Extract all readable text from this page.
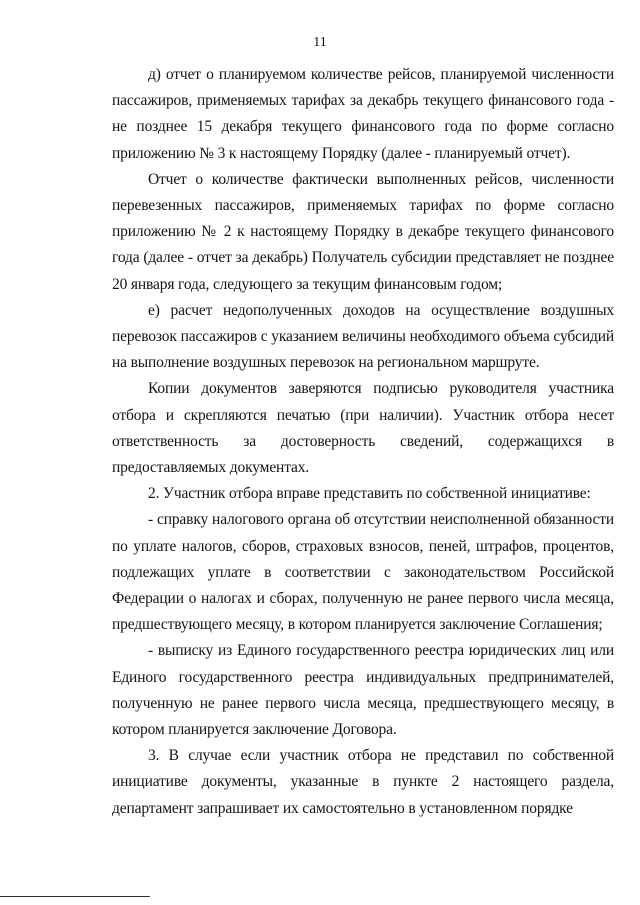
11

д) отчет о планируемом количестве рейсов, планируемой численности пассажиров, применяемых тарифах за декабрь текущего финансового года - не позднее 15 декабря текущего финансового года по форме согласно приложению № 3 к настоящему Порядку (далее - планируемый отчет).

Отчет о количестве фактически выполненных рейсов, численности перевезенных пассажиров, применяемых тарифах по форме согласно приложению № 2 к настоящему Порядку в декабре текущего финансового года (далее - отчет за декабрь) Получатель субсидии представляет не позднее 20 января года, следующего за текущим финансовым годом;

е) расчет недополученных доходов на осуществление воздушных перевозок пассажиров с указанием величины необходимого объема субсидий на выполнение воздушных перевозок на региональном маршруте.

Копии документов заверяются подписью руководителя участника отбора и скрепляются печатью (при наличии). Участник отбора несет ответственность за достоверность сведений, содержащихся в предоставляемых документах.

2. Участник отбора вправе представить по собственной инициативе:

- справку налогового органа об отсутствии неисполненной обязанности по уплате налогов, сборов, страховых взносов, пеней, штрафов, процентов, подлежащих уплате в соответствии с законодательством Российской Федерации о налогах и сборах, полученную не ранее первого числа месяца, предшествующего месяцу, в котором планируется заключение Соглашения;

- выписку из Единого государственного реестра юридических лиц или Единого государственного реестра индивидуальных предпринимателей, полученную не ранее первого числа месяца, предшествующего месяцу, в котором планируется заключение Договора.

3. В случае если участник отбора не представил по собственной инициативе документы, указанные в пункте 2 настоящего раздела, департамент запрашивает их самостоятельно в установленном порядке
